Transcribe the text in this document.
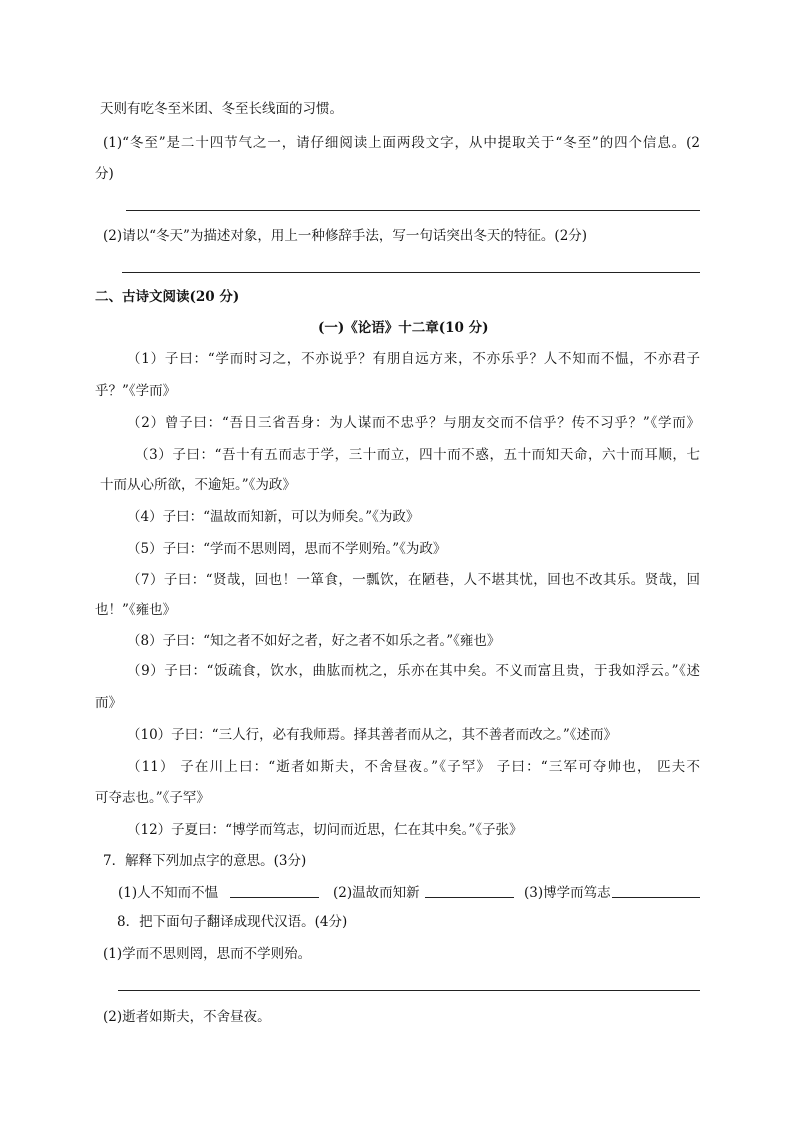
天则有吃冬至米团、冬至长线面的习惯。
(1)“冬至”是二十四节气之一，请仔细阅读上面两段文字，从中提取关于“冬至”的四个信息。(2
分)
(2)请以“冬天”为描述对象，用上一种修辞手法，写一句话突出冬天的特征。(2分)
二、古诗文阅读(20 分)
(一)《论语》十二章(10 分)
（1）子曰：“学而时习之，不亦说乎？有朋自远方来，不亦乐乎？人不知而不愠，不亦君子
乎？”《学而》
（2）曾子曰：“吾日三省吾身：为人谋而不忠乎？与朋友交而不信乎？传不习乎？”《学而》
（3）子曰：“吾十有五而志于学，三十而立，四十而不惑，五十而知天命，六十而耳顺，七
十而从心所欲，不逾矩。”《为政》
（4）子曰：“温故而知新，可以为师矣。”《为政》
（5）子曰：“学而不思则罔，思而不学则殆。”《为政》
（7）子曰：“贤哉，回也！一箪食，一瓢饮，在陋巷，人不堪其忧，回也不改其乐。贤哉，回
也！”《雍也》
（8）子曰：“知之者不如好之者，好之者不如乐之者。”《雍也》
（9）子曰：“饭疏食，饮水，曲肱而枕之，乐亦在其中矣。不义而富且贵，于我如浮云。”《述
而》
（10）子曰：“三人行，必有我师焉。择其善者而从之，其不善者而改之。”《述而》
（11） 子在川上曰：“逝者如斯夫，不舍昼夜。”《子罕》 子曰：“三军可夺帅也， 匹夫不
可夺志也。”《子罕》
（12）子夏曰：“博学而笃志，切问而近思，仁在其中矣。”《子张》
7．解释下列加点字的意思。(3分)
(1)人不知而不愠	(2)温故而知新	(3)博学而笃志
8．把下面句子翻译成现代汉语。(4分)
(1)学而不思则罔，思而不学则殆。
(2)逝者如斯夫，不舍昼夜。
